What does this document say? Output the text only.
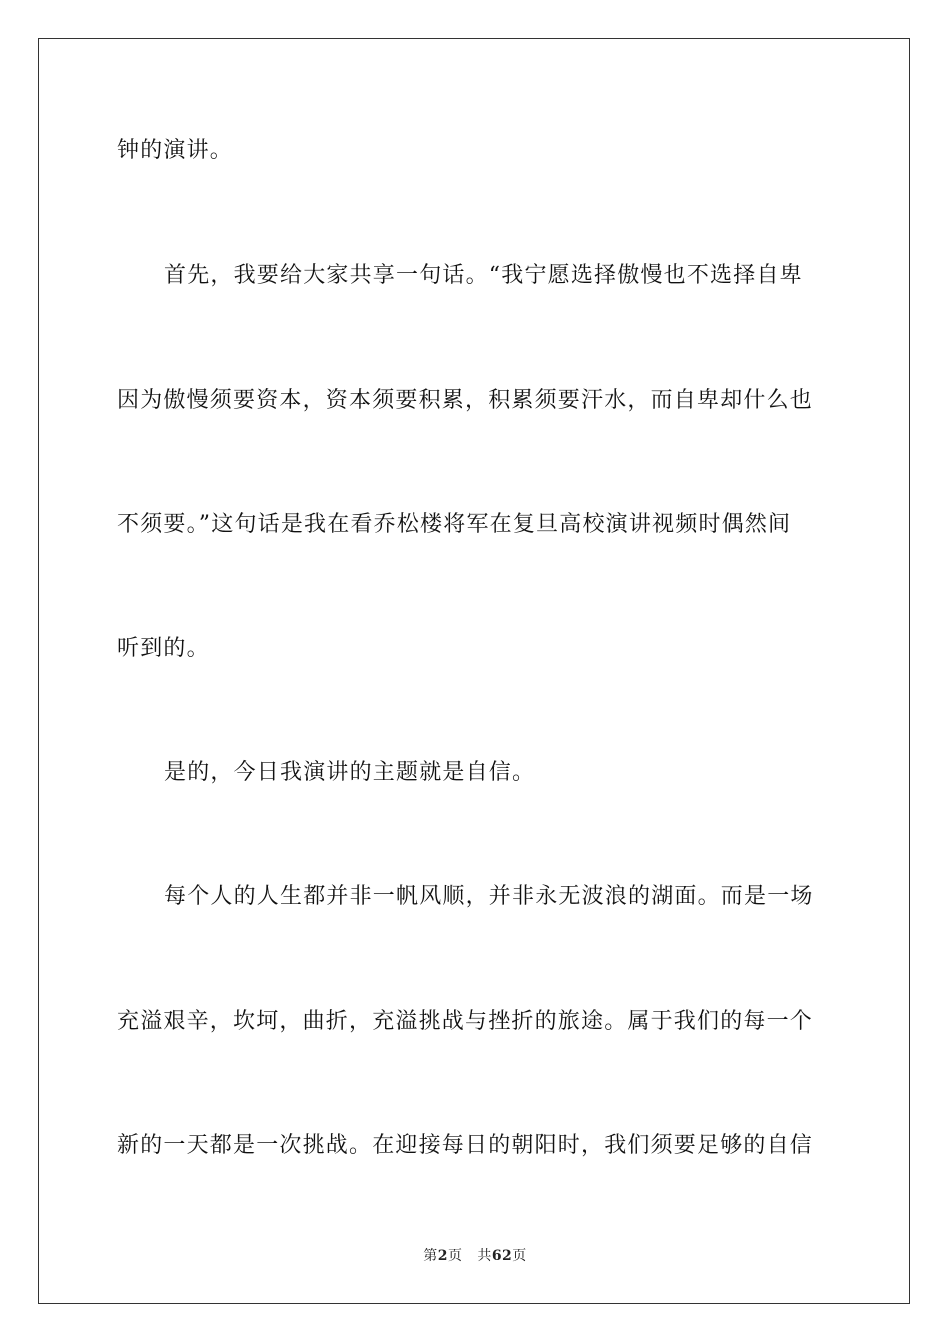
钟的演讲。
首先，我要给大家共享一句话。“我宁愿选择傲慢也不选择自卑
因为傲慢须要资本，资本须要积累，积累须要汗水，而自卑却什么也
不须要。”这句话是我在看乔松楼将军在复旦高校演讲视频时偶然间
听到的。
是的，今日我演讲的主题就是自信。
每个人的人生都并非一帆风顺，并非永无波浪的湖面。而是一场
充溢艰辛，坎坷，曲折，充溢挑战与挫折的旅途。属于我们的每一个
新的一天都是一次挑战。在迎接每日的朝阳时，我们须要足够的自信
第2页 共62页
